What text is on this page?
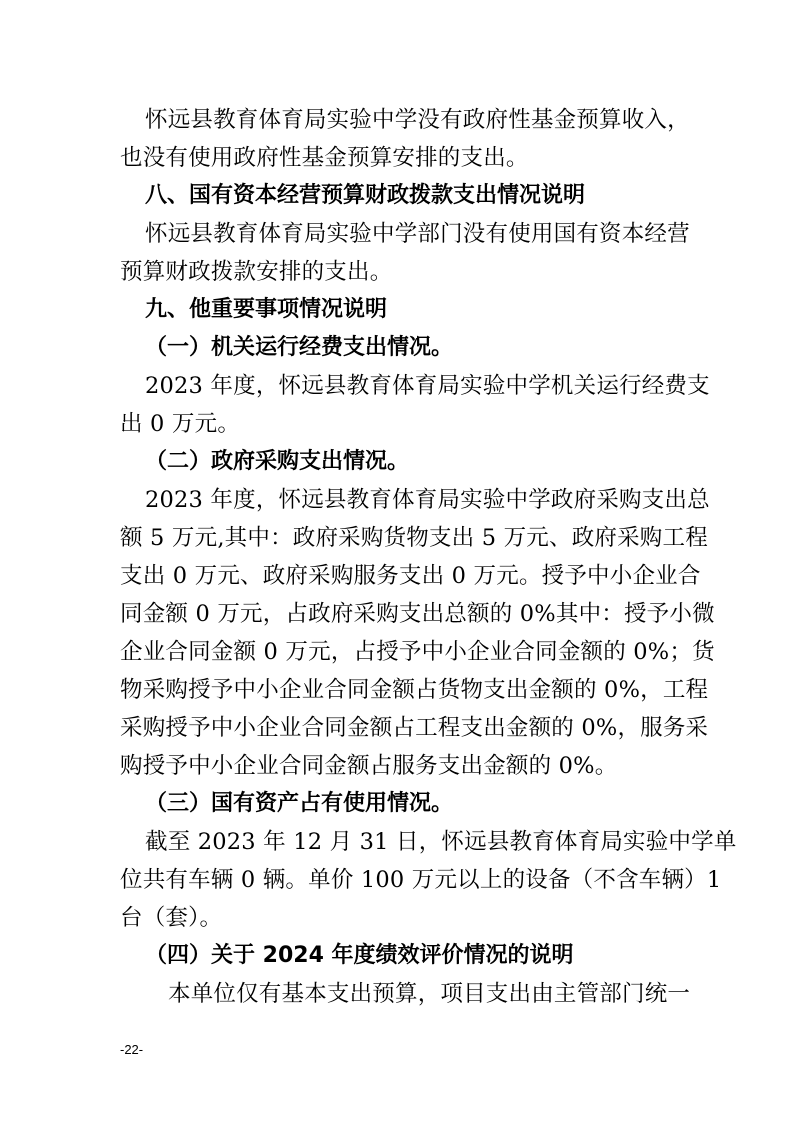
怀远县教育体育局实验中学没有政府性基金预算收入，
也没有使用政府性基金预算安排的支出。
八、国有资本经营预算财政拨款支出情况说明
怀远县教育体育局实验中学部门没有使用国有资本经营
预算财政拨款安排的支出。
九、他重要事项情况说明
（一）机关运行经费支出情况。
2023 年度，怀远县教育体育局实验中学机关运行经费支
出 0 万元。
（二）政府采购支出情况。
2023 年度，怀远县教育体育局实验中学政府采购支出总
额 5 万元,其中：政府采购货物支出 5 万元、政府采购工程
支出 0 万元、政府采购服务支出 0 万元。授予中小企业合
同金额 0 万元，占政府采购支出总额的 0%其中：授予小微
企业合同金额 0 万元，占授予中小企业合同金额的 0%；货
物采购授予中小企业合同金额占货物支出金额的 0%，工程
采购授予中小企业合同金额占工程支出金额的 0%，服务采
购授予中小企业合同金额占服务支出金额的 0%。
（三）国有资产占有使用情况。
截至 2023 年 12 月 31 日，怀远县教育体育局实验中学单
位共有车辆 0 辆。单价 100 万元以上的设备（不含车辆）1
台（套）。
（四）关于 2024 年度绩效评价情况的说明
本单位仅有基本支出预算，项目支出由主管部门统一
-22-
